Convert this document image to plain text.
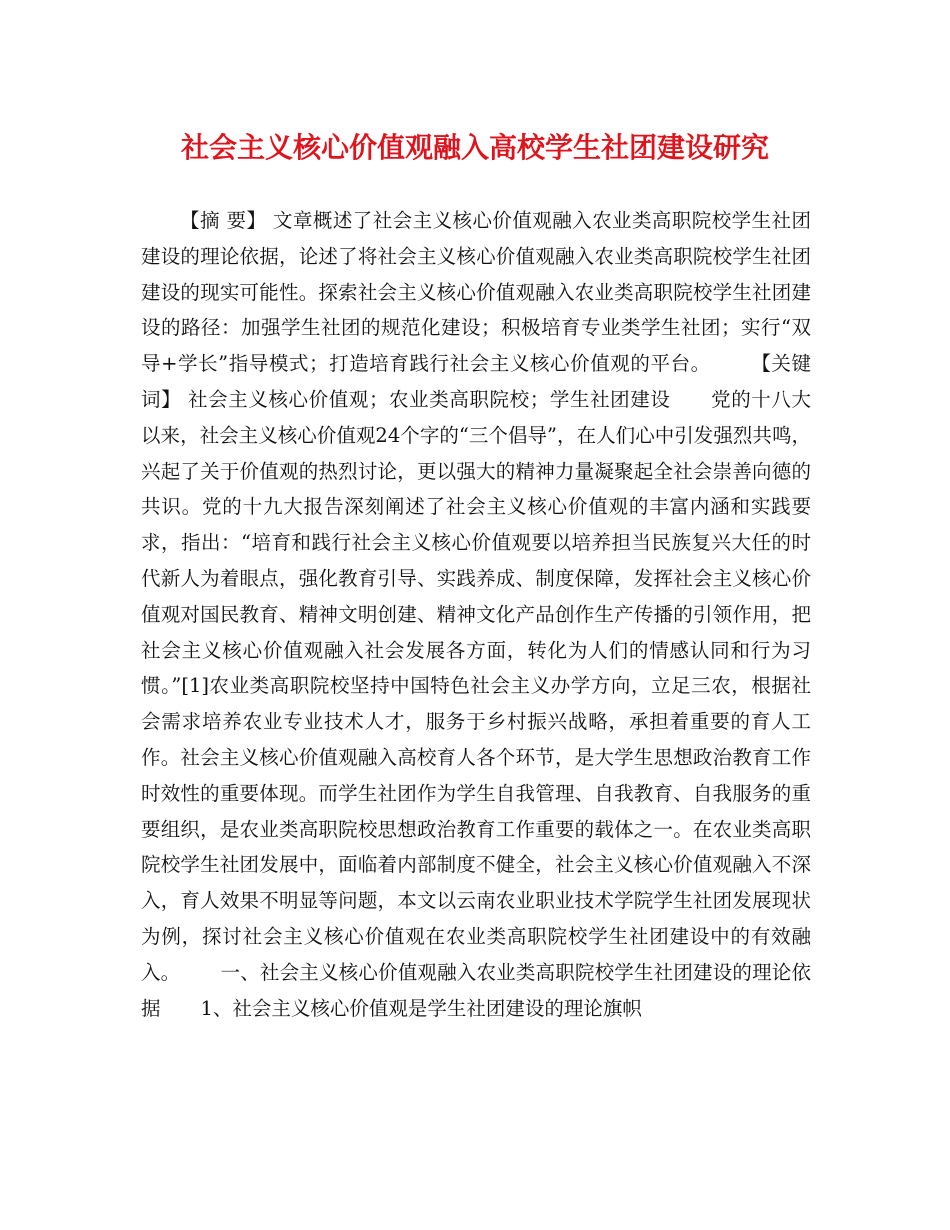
社会主义核心价值观融入高校学生社团建设研究
【摘 要】 文章概述了社会主义核心价值观融入农业类高职院校学生社团建设的理论依据，论述了将社会主义核心价值观融入农业类高职院校学生社团建设的现实可能性。探索社会主义核心价值观融入农业类高职院校学生社团建设的路径：加强学生社团的规范化建设；积极培育专业类学生社团；实行“双导+学长”指导模式；打造培育践行社会主义核心价值观的平台。 【关键词】 社会主义核心价值观；农业类高职院校；学生社团建设 党的十八大以来，社会主义核心价值观24个字的“三个倡导”，在人们心中引发强烈共鸣，兴起了关于价值观的热烈讨论，更以强大的精神力量凝聚起全社会崇善向德的共识。党的十九大报告深刻阐述了社会主义核心价值观的丰富内涵和实践要求，指出：“培育和践行社会主义核心价值观要以培养担当民族复兴大任的时代新人为着眼点，强化教育引导、实践养成、制度保障，发挥社会主义核心价值观对国民教育、精神文明创建、精神文化产品创作生产传播的引领作用，把社会主义核心价值观融入社会发展各方面，转化为人们的情感认同和行为习惯。”[1]农业类高职院校坚持中国特色社会主义办学方向，立足三农，根据社会需求培养农业专业技术人才，服务于乡村振兴战略，承担着重要的育人工作。社会主义核心价值观融入高校育人各个环节，是大学生思想政治教育工作时效性的重要体现。而学生社团作为学生自我管理、自我教育、自我服务的重要组织，是农业类高职院校思想政治教育工作重要的载体之一。在农业类高职院校学生社团发展中，面临着内部制度不健全，社会主义核心价值观融入不深入，育人效果不明显等问题，本文以云南农业职业技术学院学生社团发展现状为例，探讨社会主义核心价值观在农业类高职院校学生社团建设中的有效融入。 一、社会主义核心价值观融入农业类高职院校学生社团建设的理论依据 1、社会主义核心价值观是学生社团建设的理论旗帜
